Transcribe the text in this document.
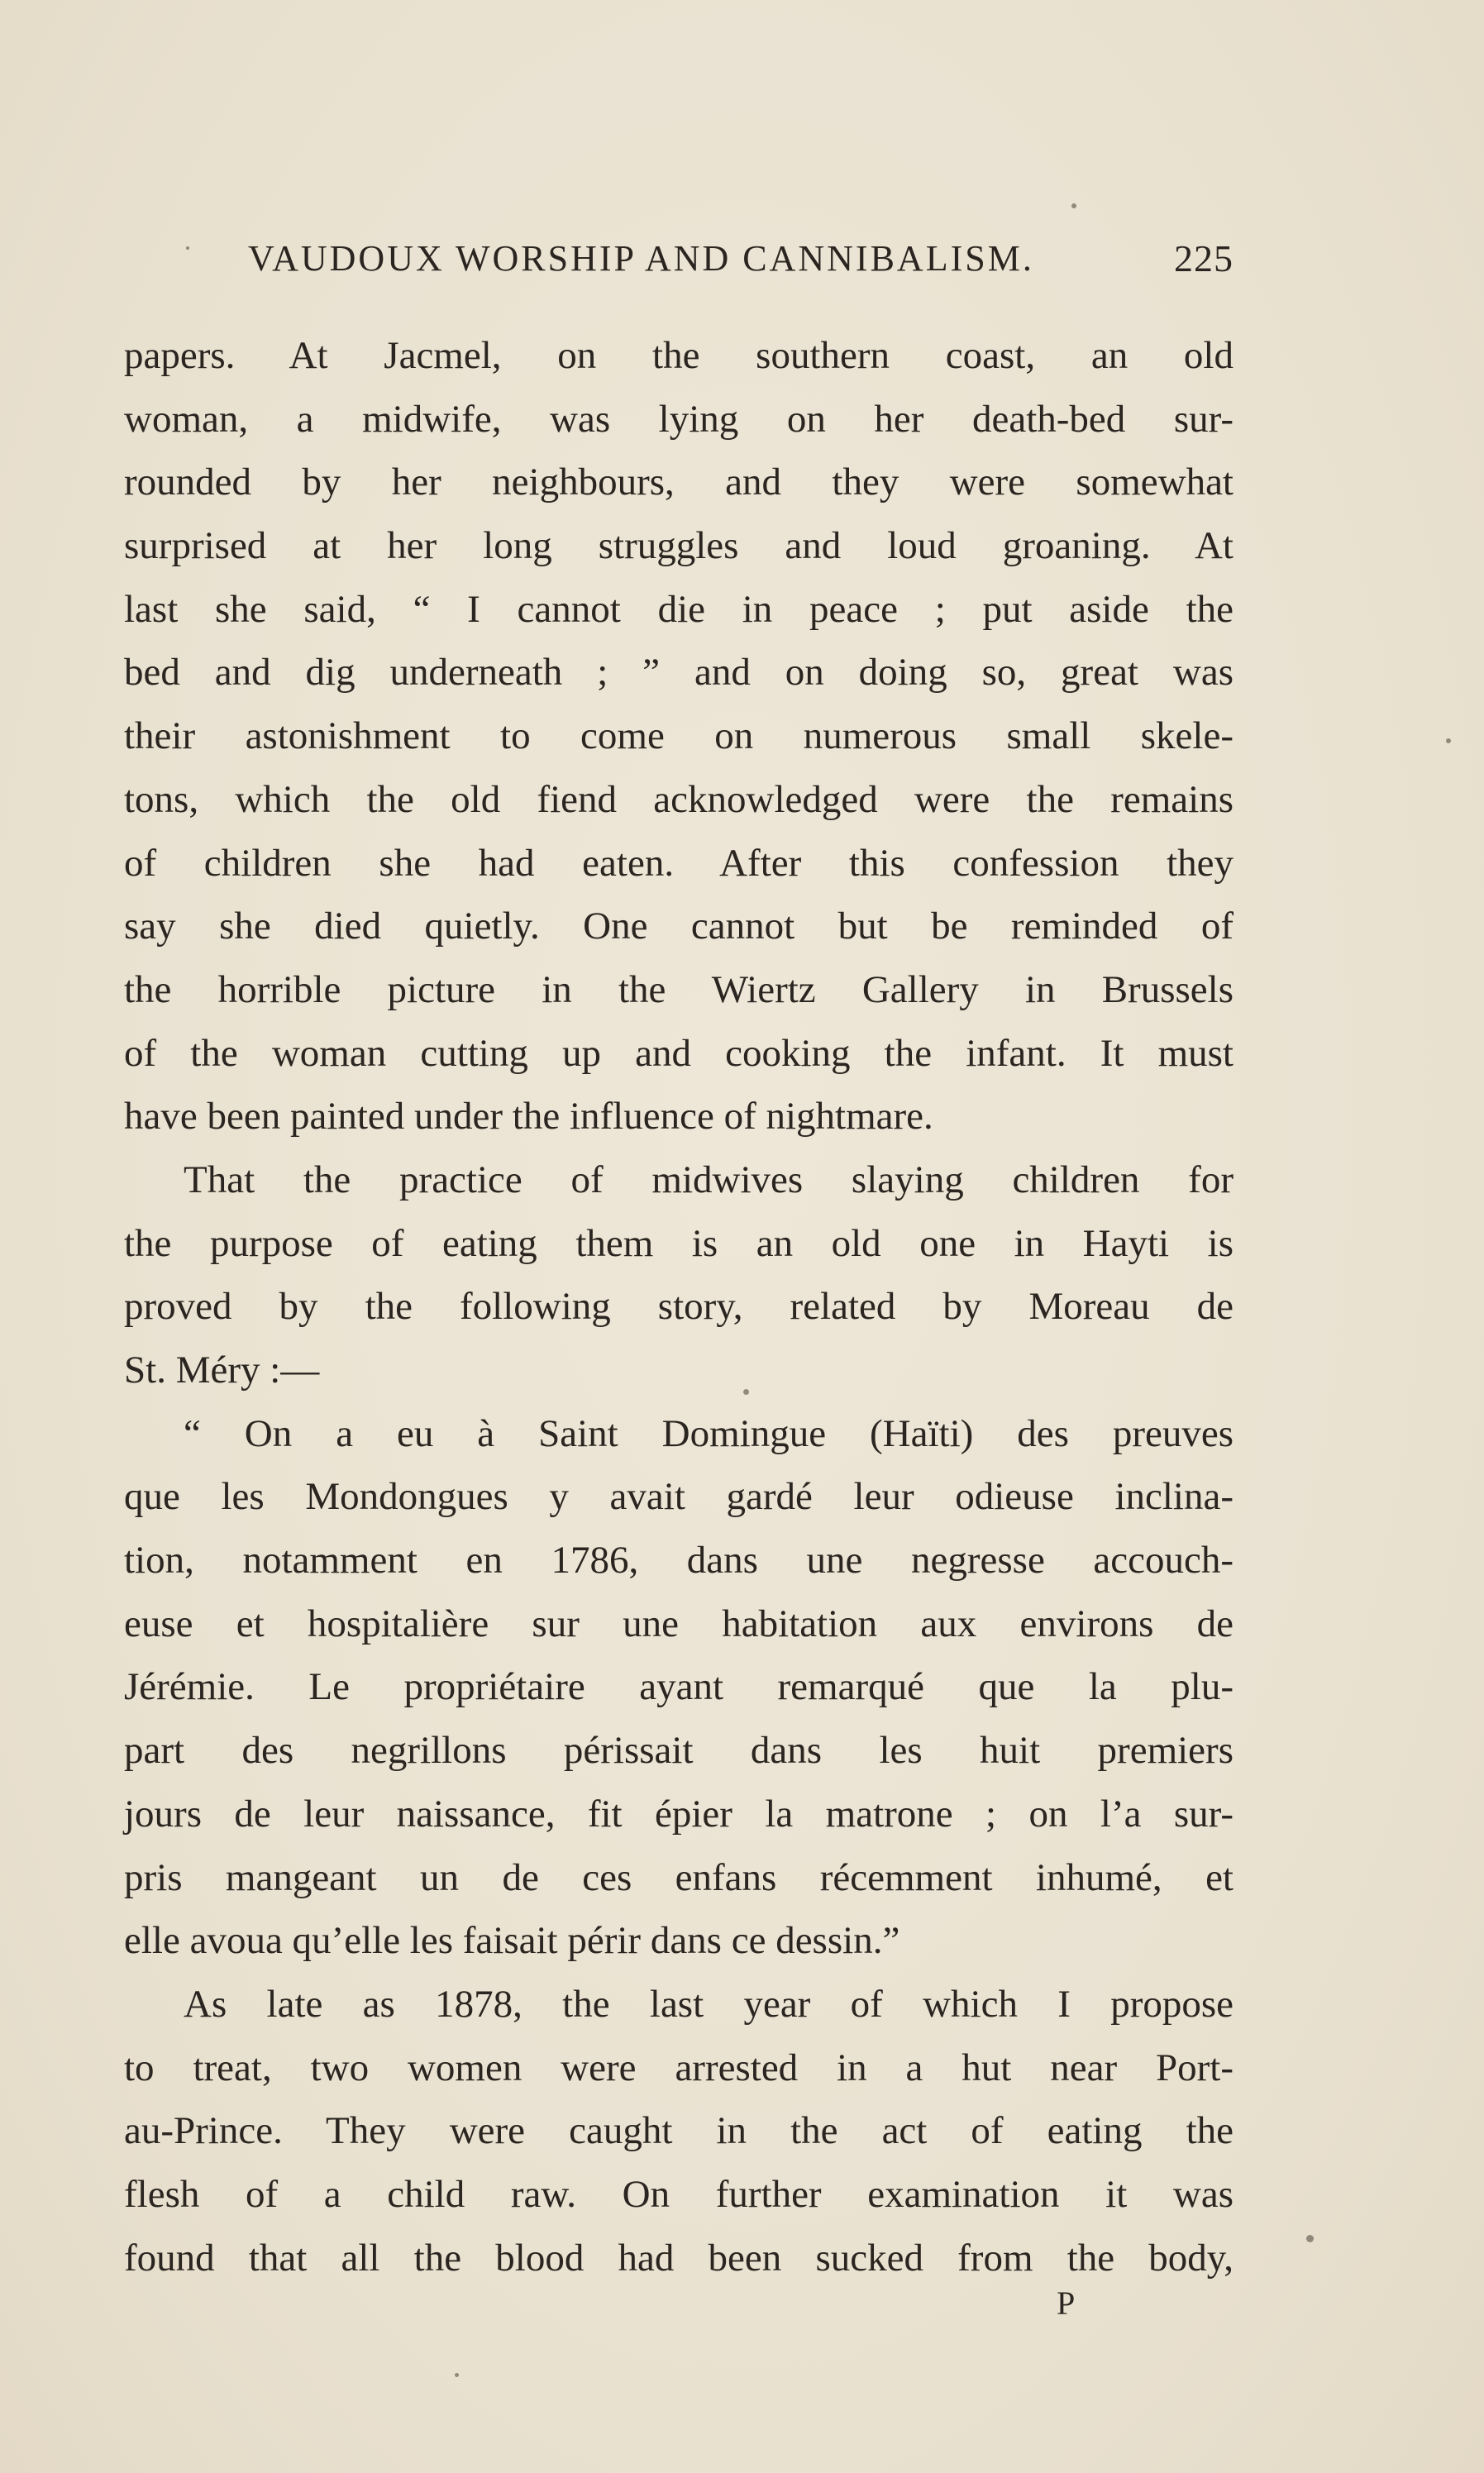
VAUDOUX WORSHIP AND CANNIBALISM.	225
papers. At Jacmel, on the southern coast, an old
woman, a midwife, was lying on her death-bed sur-
rounded by her neighbours, and they were somewhat
surprised at her long struggles and loud groaning. At
last she said, “ I cannot die in peace ; put aside the
bed and dig underneath ; ” and on doing so, great was
their astonishment to come on numerous small skele-
tons, which the old fiend acknowledged were the remains
of children she had eaten. After this confession they
say she died quietly. One cannot but be reminded of
the horrible picture in the Wiertz Gallery in Brussels
of the woman cutting up and cooking the infant. It must
have been painted under the influence of nightmare.
That the practice of midwives slaying children for
the purpose of eating them is an old one in Hayti is
proved by the following story, related by Moreau de
St. Méry :—
“ On a eu à Saint Domingue (Haïti) des preuves
que les Mondongues y avait gardé leur odieuse inclina-
tion, notamment en 1786, dans une negresse accouch-
euse et hospitalière sur une habitation aux environs de
Jérémie. Le propriétaire ayant remarqué que la plu-
part des negrillons périssait dans les huit premiers
jours de leur naissance, fit épier la matrone ; on l’a sur-
pris mangeant un de ces enfans récemment inhumé, et
elle avoua qu’elle les faisait périr dans ce dessin.”
As late as 1878, the last year of which I propose
to treat, two women were arrested in a hut near Port-
au-Prince. They were caught in the act of eating the
flesh of a child raw. On further examination it was
found that all the blood had been sucked from the body,
P
